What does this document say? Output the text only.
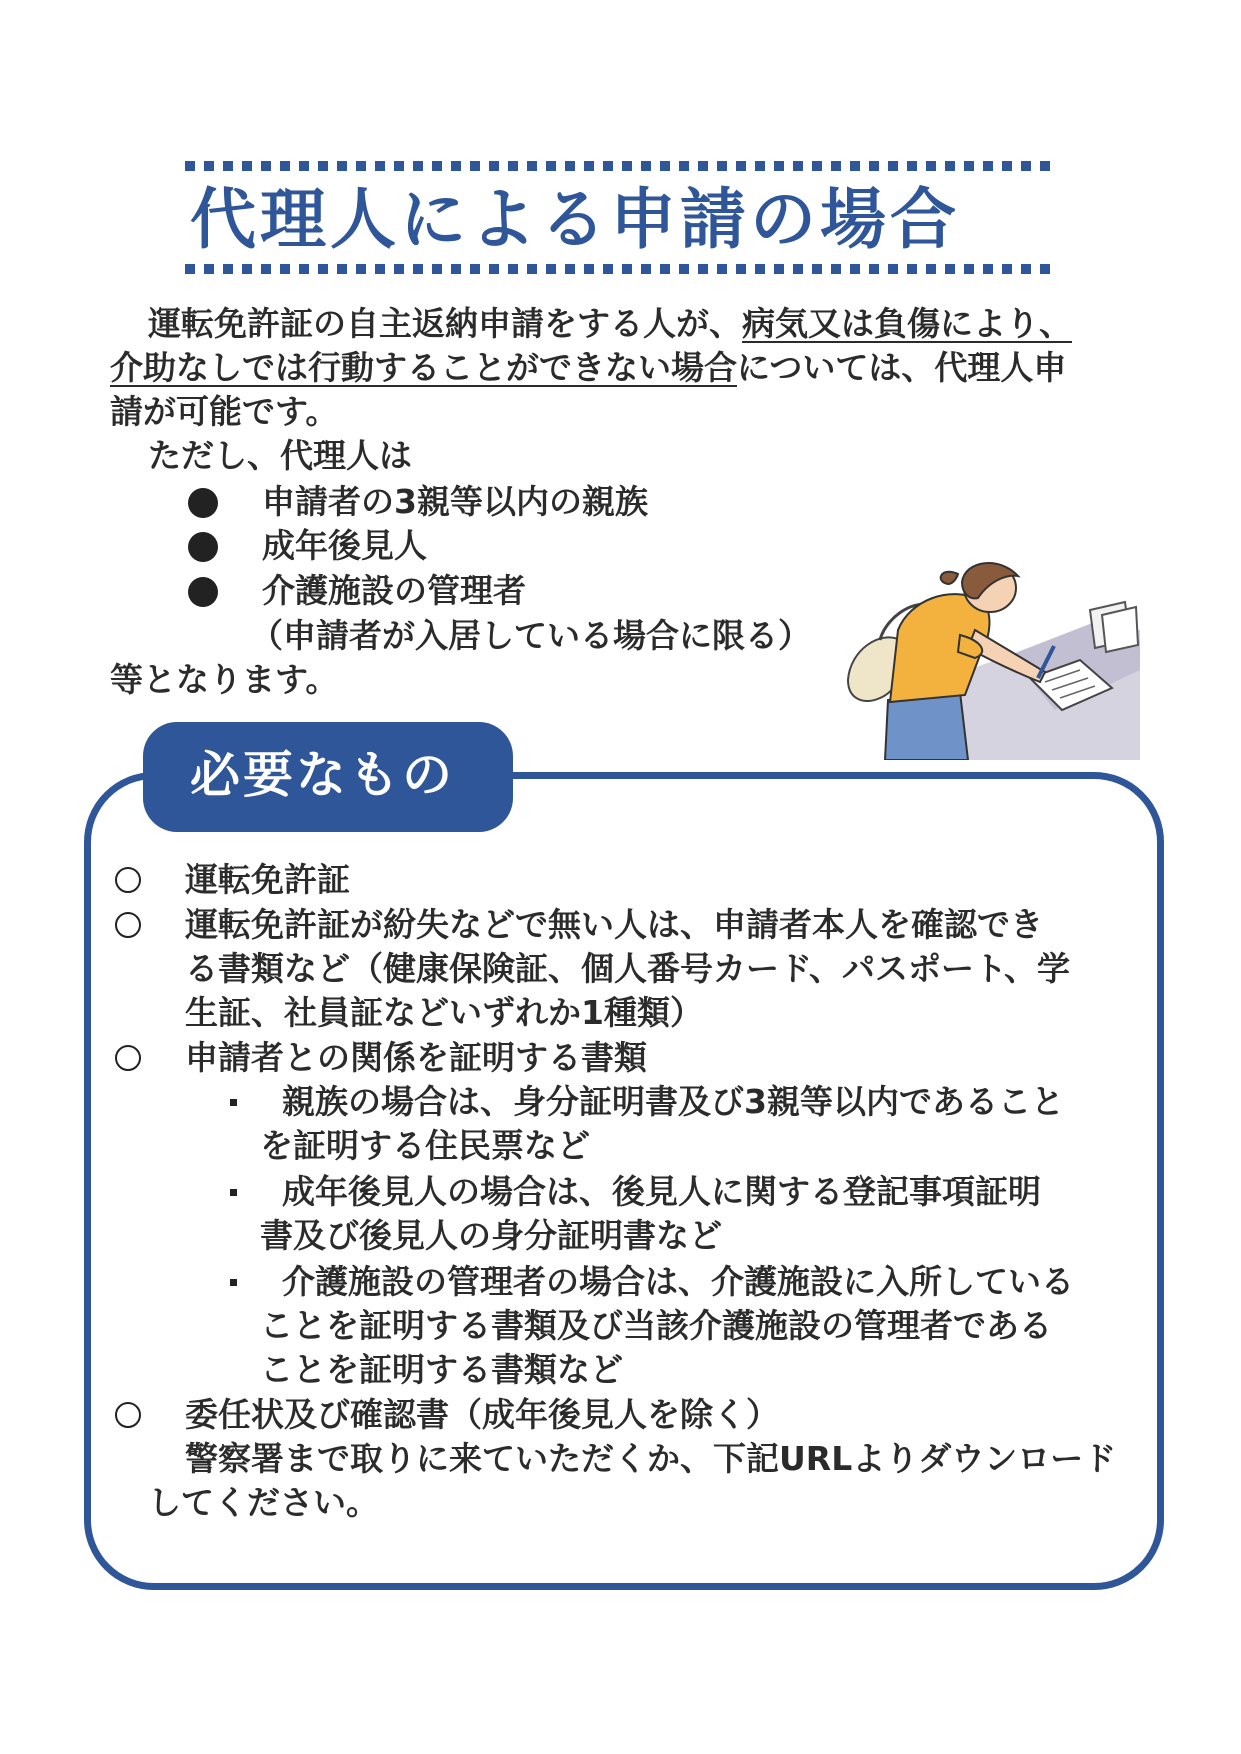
代理人による申請の場合
運転免許証の自主返納申請をする人が、病気又は負傷により、
介助なしでは行動することができない場合については、代理人申
請が可能です。
ただし、代理人は
申請者の3親等以内の親族
成年後見人
介護施設の管理者
（申請者が入居している場合に限る）
等となります。
必要なもの
運転免許証
運転免許証が紛失などで無い人は、申請者本人を確認でき
る書類など（健康保険証、個人番号カード、パスポート、学
生証、社員証などいずれか1種類）
申請者との関係を証明する書類
親族の場合は、身分証明書及び3親等以内であること
を証明する住民票など
成年後見人の場合は、後見人に関する登記事項証明
書及び後見人の身分証明書など
介護施設の管理者の場合は、介護施設に入所している
ことを証明する書類及び当該介護施設の管理者である
ことを証明する書類など
委任状及び確認書（成年後見人を除く）
警察署まで取りに来ていただくか、下記URLよりダウンロード
してください。
